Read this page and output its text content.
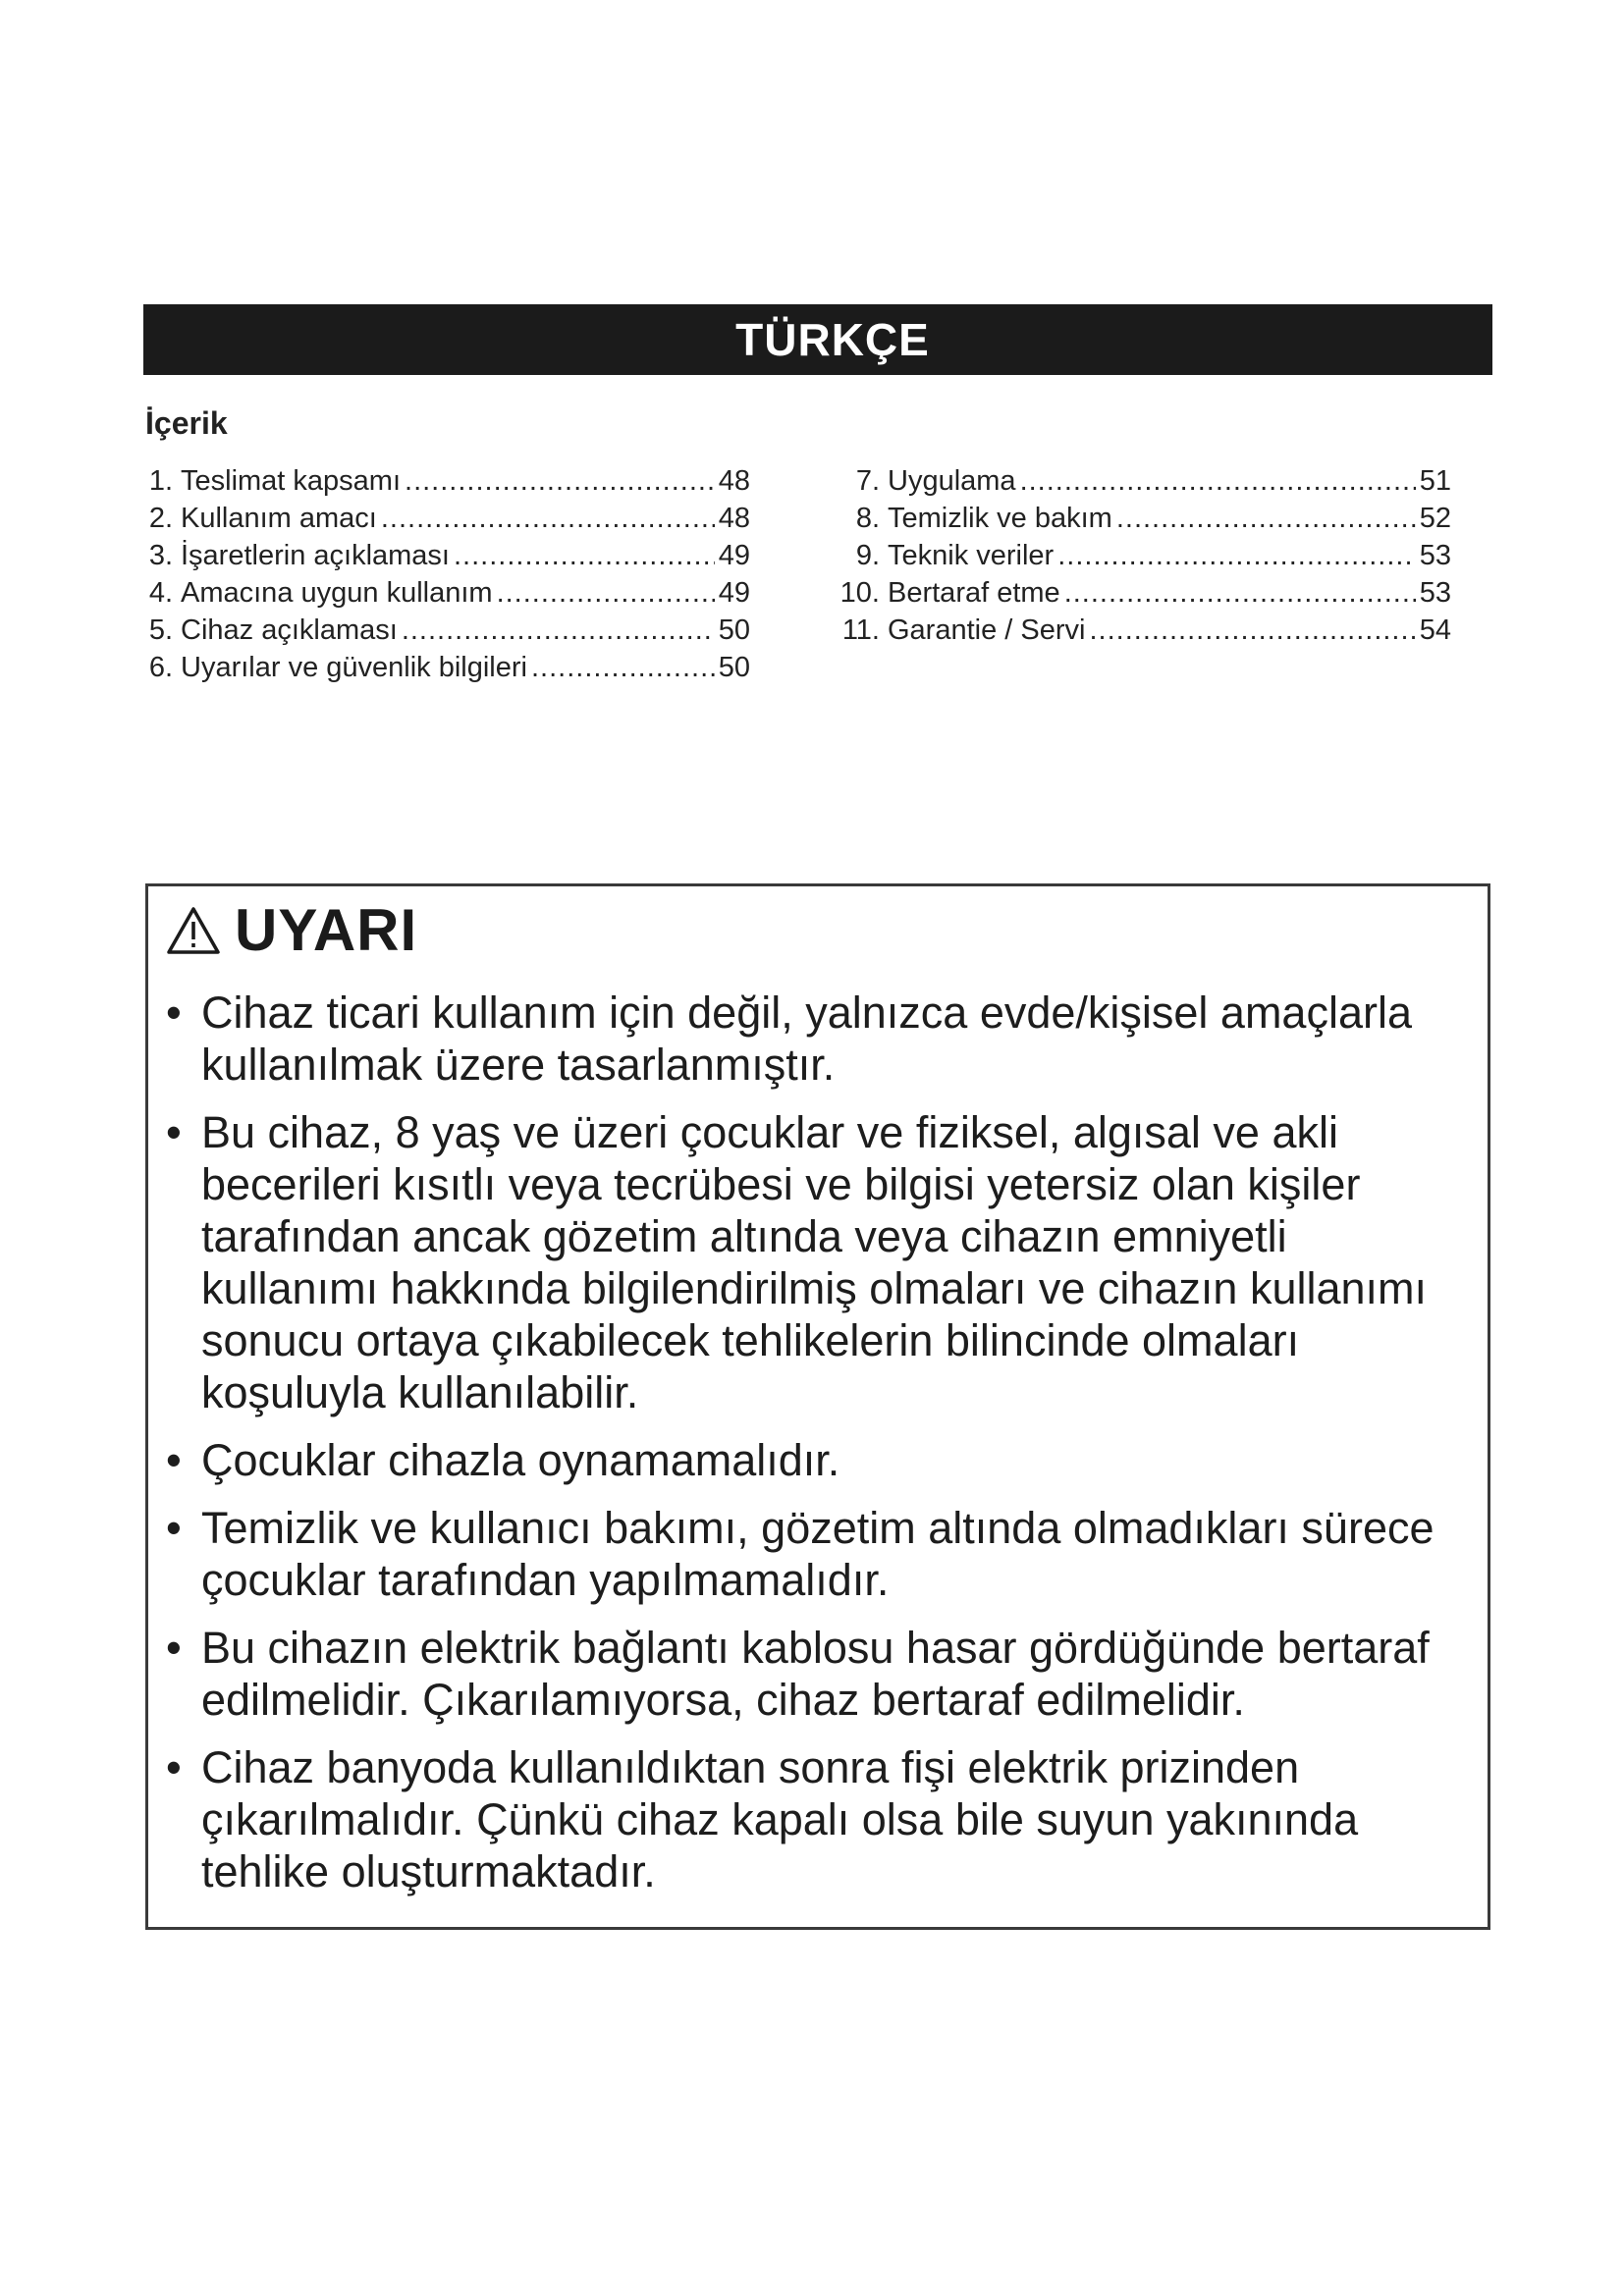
TÜRKÇE
İçerik
1. Teslimat kapsamı .....	48
2. Kullanım amacı .....	48
3. İşaretlerin açıklaması .....	49
4. Amacına uygun kullanım .....	49
5. Cihaz açıklaması .....	50
6. Uyarılar ve güvenlik bilgileri .....	50
7. Uygulama .....	51
8. Temizlik ve bakım .....	52
9. Teknik veriler .....	53
10. Bertaraf etme .....	53
11. Garantie / Servi .....	54
UYARI
• Cihaz ticari kullanım için değil, yalnızca evde/kişisel amaçlarla kullanılmak üzere tasarlanmıştır.
• Bu cihaz, 8 yaş ve üzeri çocuklar ve fiziksel, algısal ve akli becerileri kısıtlı veya tecrübesi ve bilgisi yetersiz olan kişiler tarafından ancak gözetim altında veya cihazın emniyetli kullanımı hakkında bilgilendirilmiş olmaları ve cihazın kullanımı sonucu ortaya çıkabilecek tehlikelerin bilincinde olmaları koşuluyla kullanılabilir.
• Çocuklar cihazla oynamamalıdır.
• Temizlik ve kullanıcı bakımı, gözetim altında olmadıkları sürece çocuklar tarafından yapılmamalıdır.
• Bu cihazın elektrik bağlantı kablosu hasar gördüğünde bertaraf edilmelidir. Çıkarılamıyorsa, cihaz bertaraf edilmelidir.
• Cihaz banyoda kullanıldıktan sonra fişi elektrik prizinden çıkarılmalıdır. Çünkü cihaz kapalı olsa bile suyun yakınında tehlike oluşturmaktadır.
